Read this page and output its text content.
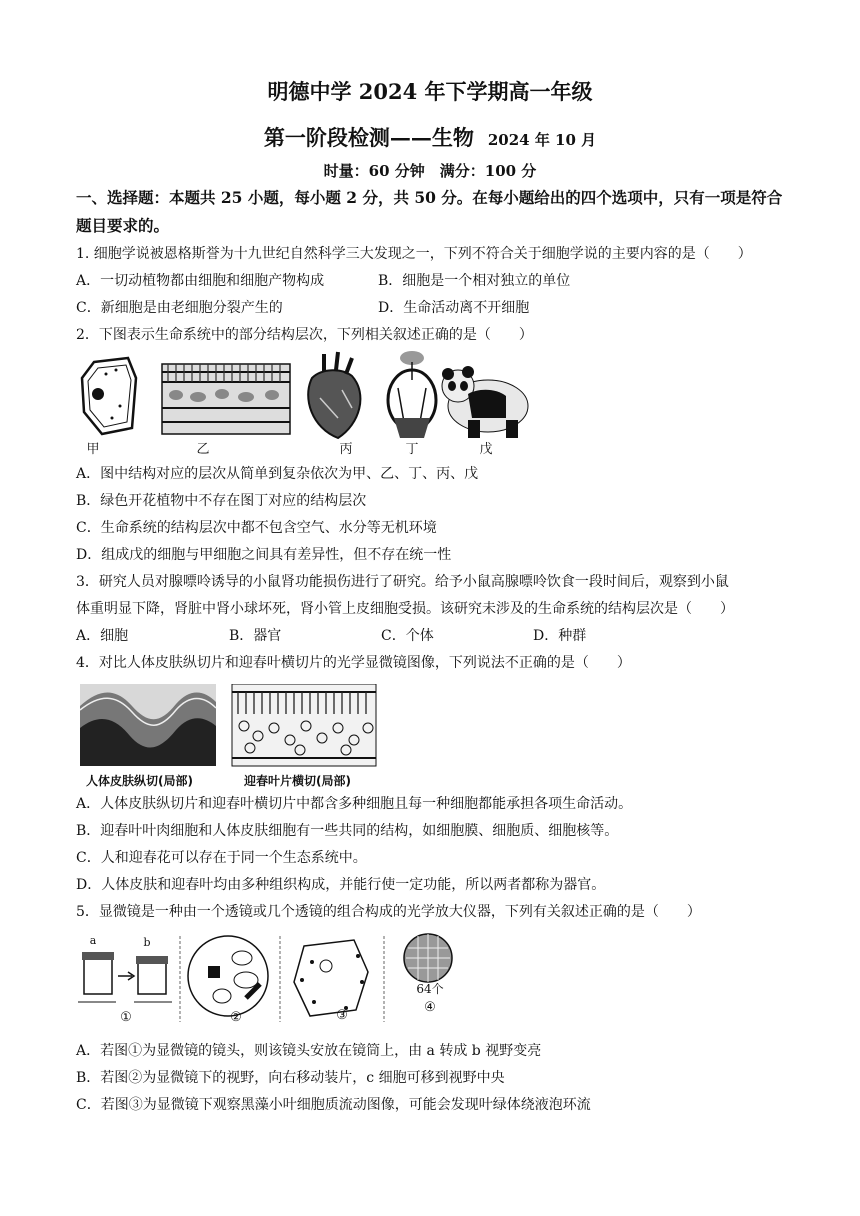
明德中学 2024 年下学期高一年级
第一阶段检测——生物 2024 年 10 月
时量：60 分钟　满分：100 分
一、选择题：本题共 25 小题，每小题 2 分，共 50 分。在每小题给出的四个选项中，只有一项是符合题目要求的。
1. 细胞学说被恩格斯誉为十九世纪自然科学三大发现之一，下列不符合关于细胞学说的主要内容的是（　　）
A．一切动植物都由细胞和细胞产物构成	B．细胞是一个相对独立的单位
C．新细胞是由老细胞分裂产生的	D．生命活动离不开细胞
2．下图表示生命系统中的部分结构层次，下列相关叙述正确的是（　　）
甲	乙	丙	丁	戊
A．图中结构对应的层次从简单到复杂依次为甲、乙、丁、丙、戊
B．绿色开花植物中不存在图丁对应的结构层次
C．生命系统的结构层次中都不包含空气、水分等无机环境
D．组成戊的细胞与甲细胞之间具有差异性，但不存在统一性
3．研究人员对腺嘌呤诱导的小鼠肾功能损伤进行了研究。给予小鼠高腺嘌呤饮食一段时间后，观察到小鼠
体重明显下降，肾脏中肾小球坏死，肾小管上皮细胞受损。该研究未涉及的生命系统的结构层次是（　　）
A．细胞	B．器官	C．个体	D．种群
4．对比人体皮肤纵切片和迎春叶横切片的光学显微镜图像，下列说法不正确的是（　　）
人体皮肤纵切(局部)	迎春叶片横切(局部)
A．人体皮肤纵切片和迎春叶横切片中都含多种细胞且每一种细胞都能承担各项生命活动。
B．迎春叶叶肉细胞和人体皮肤细胞有一些共同的结构，如细胞膜、细胞质、细胞核等。
C．人和迎春花可以存在于同一个生态系统中。
D．人体皮肤和迎春叶均由多种组织构成，并能行使一定功能，所以两者都称为器官。
5．显微镜是一种由一个透镜或几个透镜的组合构成的光学放大仪器，下列有关叙述正确的是（　　）
a	b
c
64个
①	②	③
④
A．若图①为显微镜的镜头，则该镜头安放在镜筒上，由 a 转成 b 视野变亮
B．若图②为显微镜下的视野，向右移动装片，c 细胞可移到视野中央
C．若图③为显微镜下观察黑藻小叶细胞质流动图像，可能会发现叶绿体绕液泡环流
